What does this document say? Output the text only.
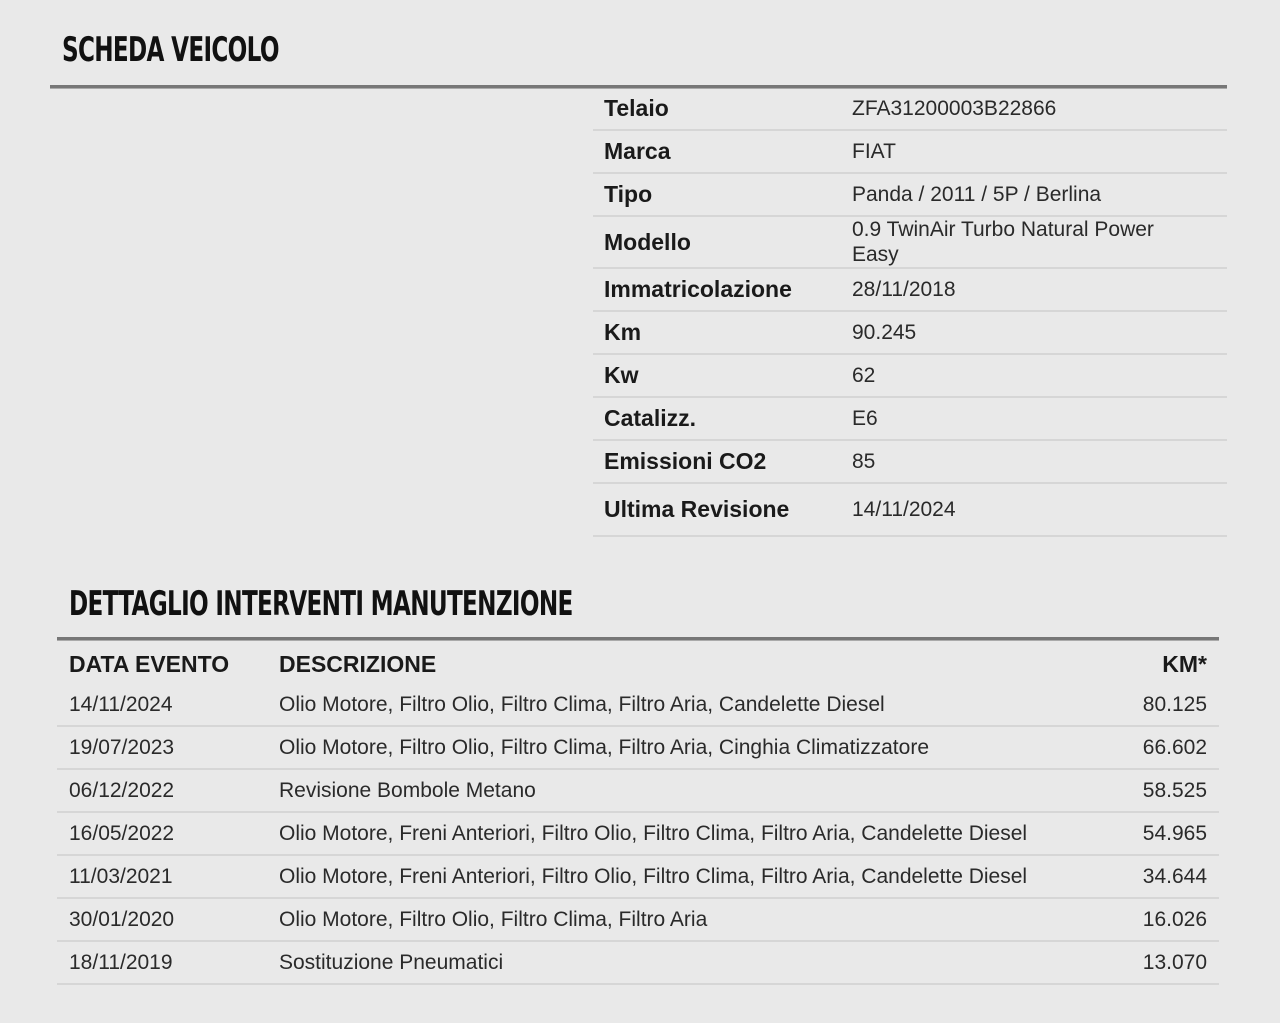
SCHEDA VEICOLO
Telaio	ZFA31200003B22866
Marca	FIAT
Tipo	Panda / 2011 / 5P / Berlina
Modello	0.9 TwinAir Turbo Natural Power Easy
Immatricolazione	28/11/2018
Km	90.245
Kw	62
Catalizz.	E6
Emissioni CO2	85
Ultima Revisione	14/11/2024
DETTAGLIO INTERVENTI MANUTENZIONE
DATA EVENTO	DESCRIZIONE	KM*
14/11/2024	Olio Motore, Filtro Olio, Filtro Clima, Filtro Aria, Candelette Diesel	80.125
19/07/2023	Olio Motore, Filtro Olio, Filtro Clima, Filtro Aria, Cinghia Climatizzatore	66.602
06/12/2022	Revisione Bombole Metano	58.525
16/05/2022	Olio Motore, Freni Anteriori, Filtro Olio, Filtro Clima, Filtro Aria, Candelette Diesel	54.965
11/03/2021	Olio Motore, Freni Anteriori, Filtro Olio, Filtro Clima, Filtro Aria, Candelette Diesel	34.644
30/01/2020	Olio Motore, Filtro Olio, Filtro Clima, Filtro Aria	16.026
18/11/2019	Sostituzione Pneumatici	13.070
